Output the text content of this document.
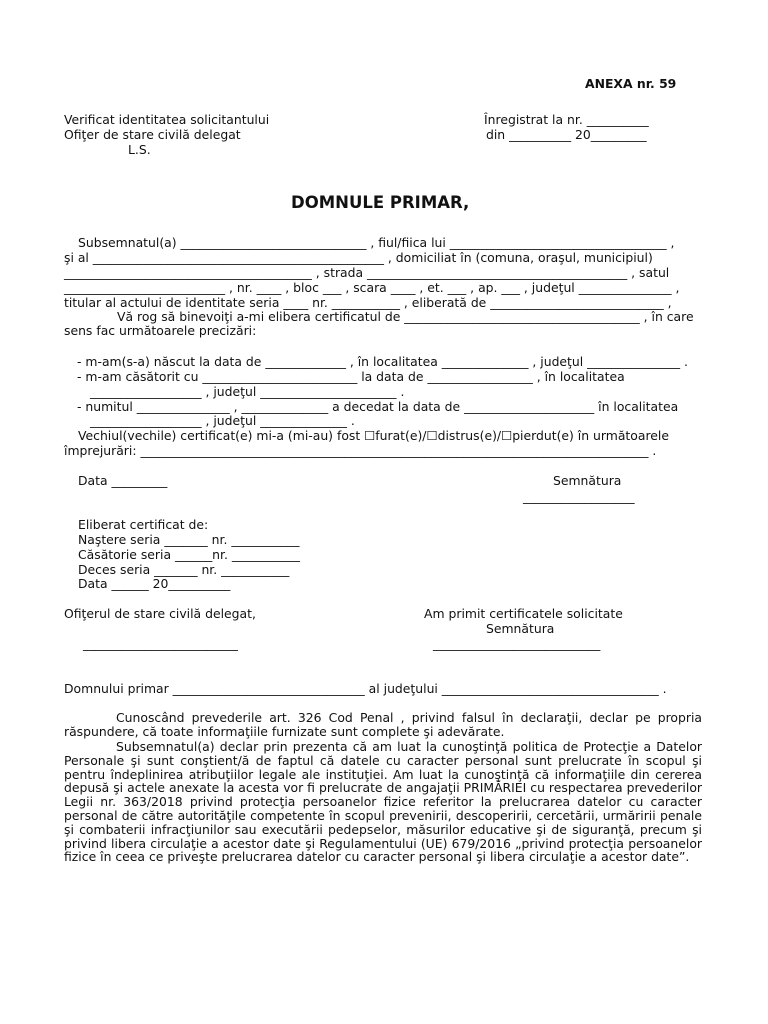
ANEXA nr. 59
Verificat identitatea solicitantului
Ofiţer de stare civilă delegat
L.S.
Înregistrat la nr. __________
din __________ 20_________
DOMNULE PRIMAR,
Subsemnatul(a) ______________________________ , fiul/fiica lui ___________________________________ ,
şi al _______________________________________________ , domiciliat în (comuna, oraşul, municipiul)
________________________________________ , strada __________________________________________ , satul
__________________________ , nr. ____ , bloc ___ , scara ____ , et. ___ , ap. ___ , judeţul _______________ ,
titular al actului de identitate seria ____ nr. ___________ , eliberată de ____________________________ ,
Vă rog să binevoiţi a-mi elibera certificatul de ______________________________________ , în care
sens fac următoarele precizări:
- m-am(s-a) născut la data de _____________ , în localitatea ______________ , judeţul _______________ .
- m-am căsătorit cu _________________________ la data de _________________ , în localitatea
__________________ , judeţul ______________________ .
- numitul _______________ , ______________ a decedat la data de _____________________ în localitatea
__________________ , judeţul ______________ .
Vechiul(vechile) certificat(e) mi-a (mi-au) fost ☐furat(e)/☐distrus(e)/☐pierdut(e) în următoarele
împrejurări: __________________________________________________________________________________ .
Data _________	Semnătura
__________________
Eliberat certificat de:
Naştere seria _______ nr. ___________
Căsătorie seria ______nr. ___________
Deces seria _______ nr. ___________
Data ______ 20__________
Ofiţerul de stare civilă delegat,
_________________________
Am primit certificatele solicitate
Semnătura
___________________________
Domnului primar _______________________________ al judeţului ___________________________________ .
Cunoscând prevederile art. 326 Cod Penal , privind falsul în declaraţii, declar pe propria răspundere, că toate informaţiile furnizate sunt complete şi adevărate.
Subsemnatul(a) declar prin prezenta că am luat la cunoştinţă politica de Protecţie a Datelor Personale şi sunt conştient/ă de faptul că datele cu caracter personal sunt prelucrate în scopul şi pentru îndeplinirea atribuţiilor legale ale instituţiei. Am luat la cunoştinţă că informaţiile din cererea depusă şi actele anexate la acesta vor fi prelucrate de angajaţii PRIMĂRIEI cu respectarea prevederilor Legii nr. 363/2018 privind protecţia persoanelor fizice referitor la prelucrarea datelor cu caracter personal de către autorităţile competente în scopul prevenirii, descoperirii, cercetării, urmăririi penale şi combaterii infracţiunilor sau executării pedepselor, măsurilor educative şi de siguranţă, precum şi privind libera circulaţie a acestor date şi Regulamentului (UE) 679/2016 „privind protecţia persoanelor fizice în ceea ce priveşte prelucrarea datelor cu caracter personal şi libera circulaţie a acestor date”.
